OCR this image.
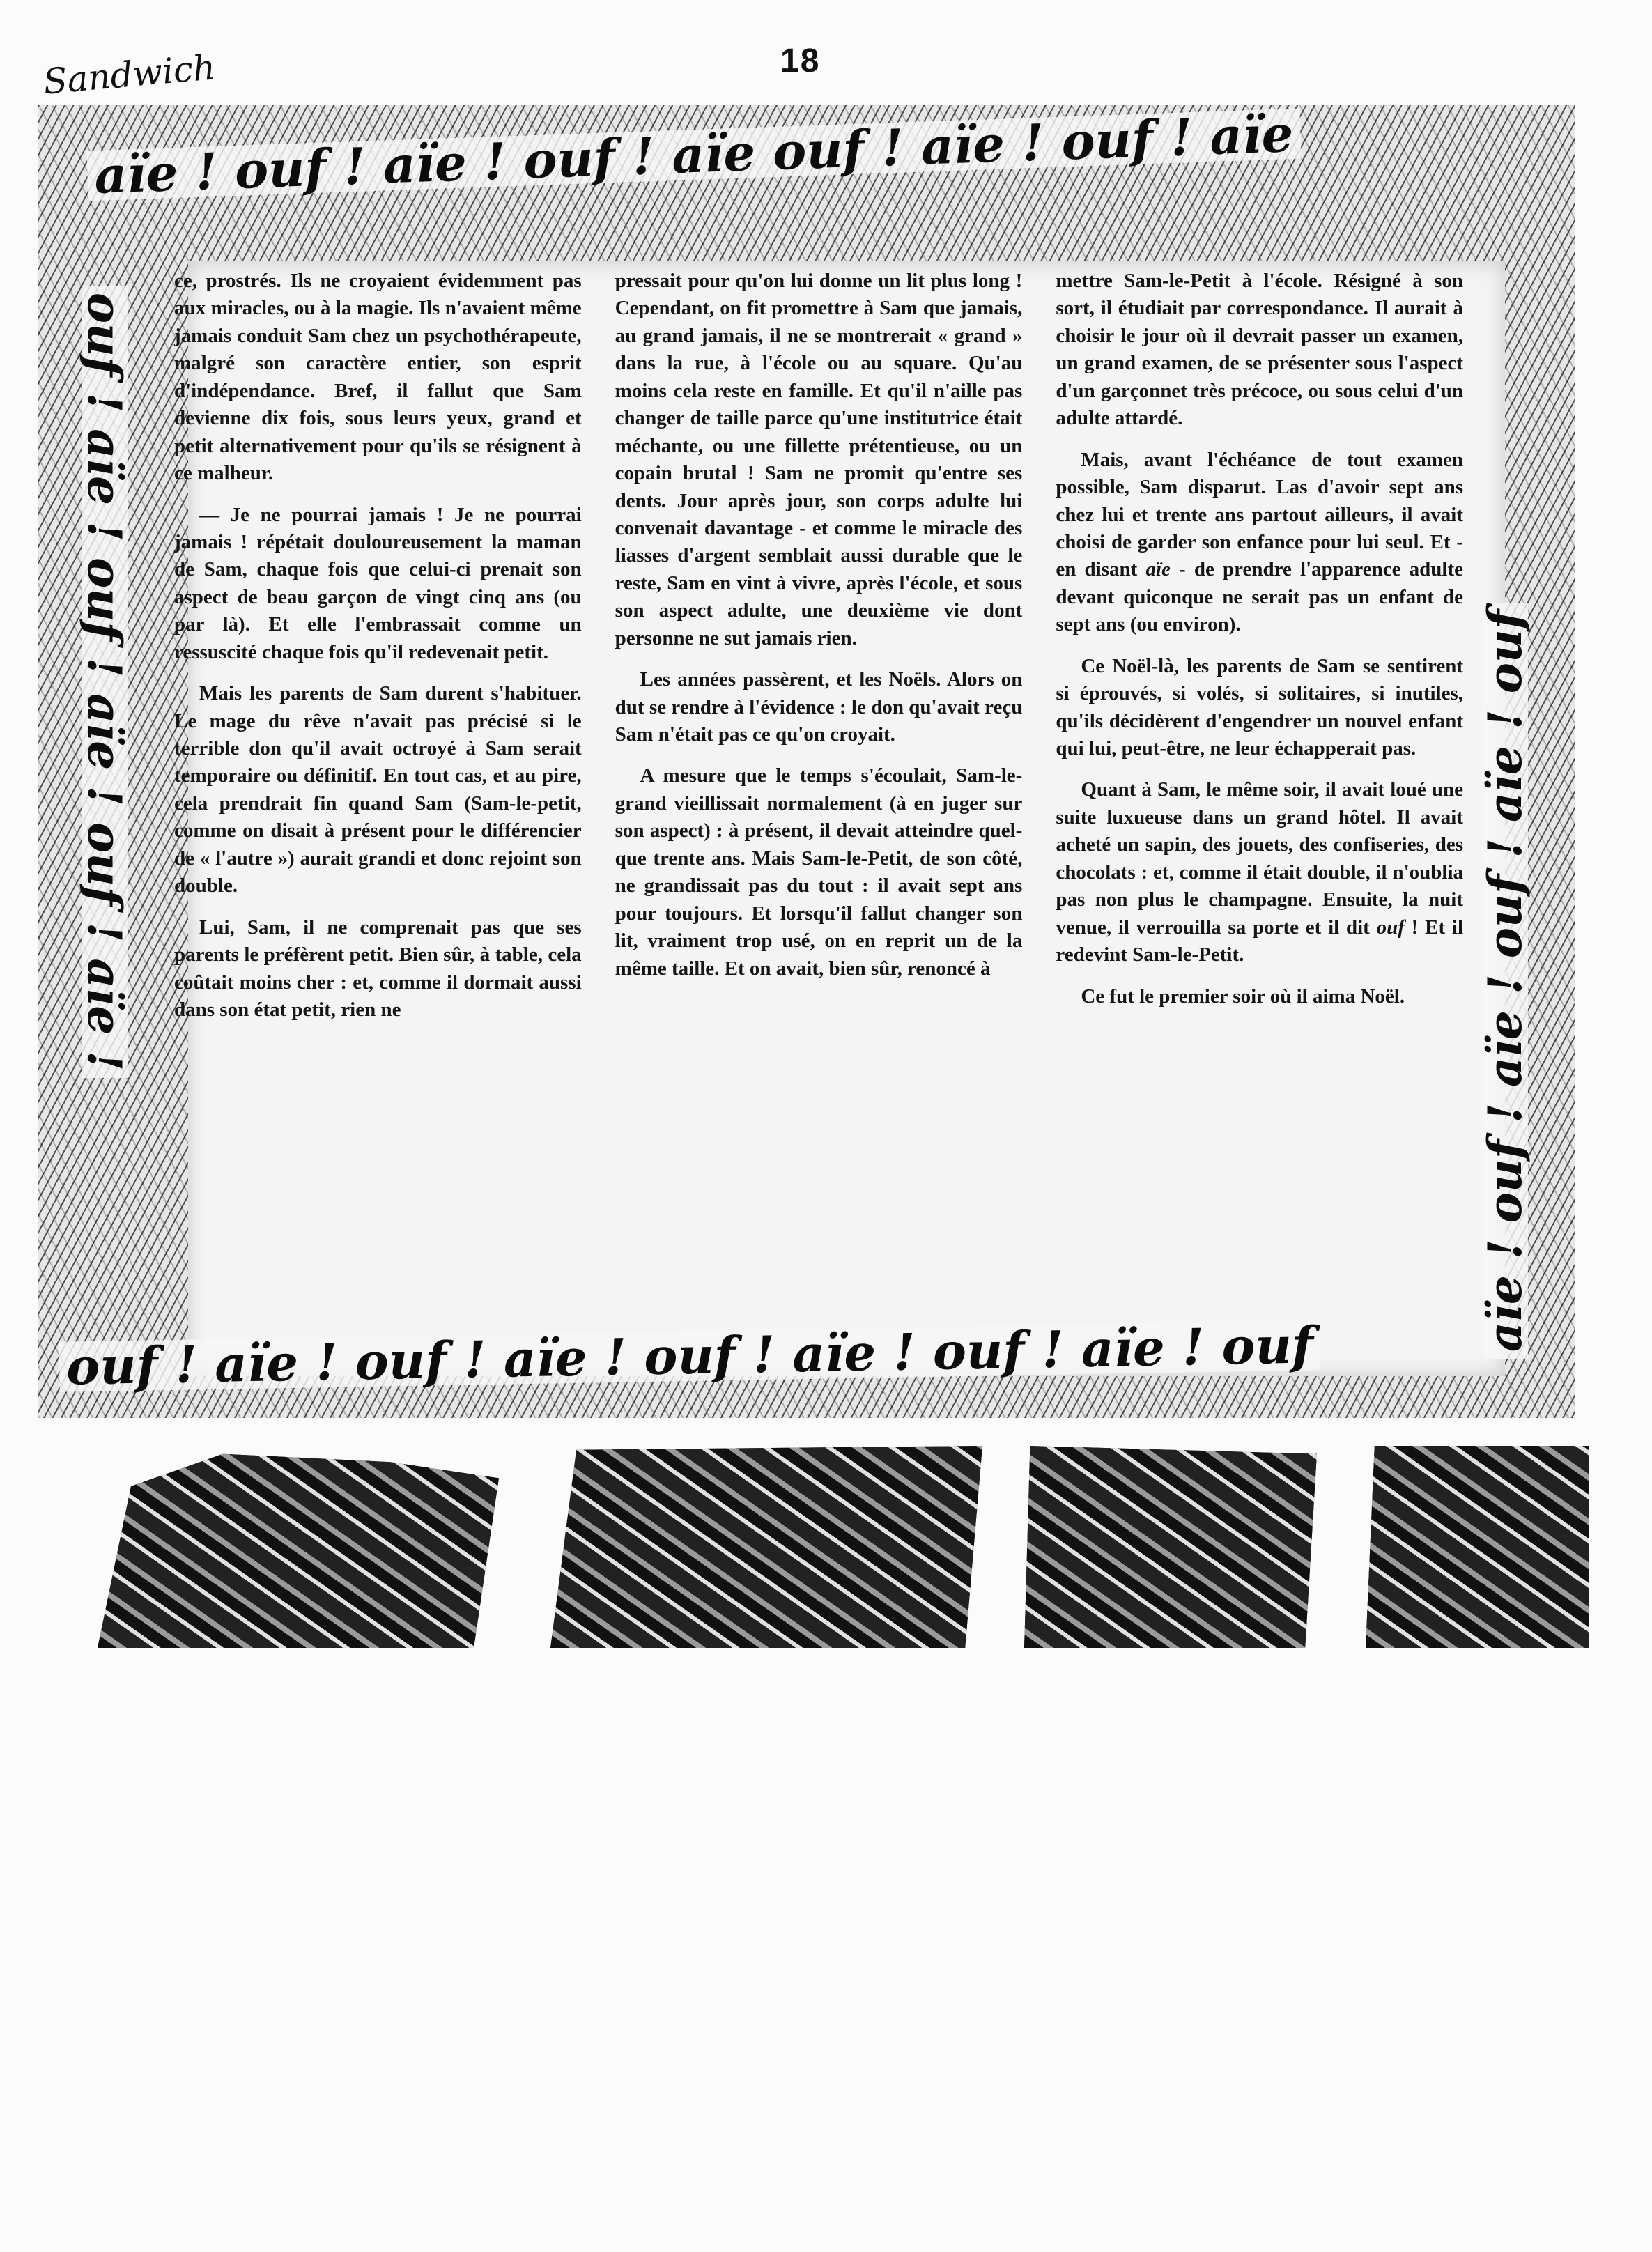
18
Sandwich
aïe ! ouf ! aïe ! ouf ! aïe ouf ! aïe ! ouf ! aïe
ouf ! aïe ! ouf ! aïe ! ouf ! aïe ! ouf ! aïe ! ouf
ouf ! aïe ! ouf ! aïe ! ouf ! aïe !	aïe ! ouf ! aïe ! ouf ! aïe ! ouf

ce, prostrés. Ils ne croyaient évidemment pas aux miracles, ou à la magie. Ils n'avaient même jamais conduit Sam chez un psychothérapeute, malgré son caractère entier, son esprit d'indépendance. Bref, il fallut que Sam devienne dix fois, sous leurs yeux, grand et petit alternativement pour qu'ils se résignent à ce malheur.

— Je ne pourrai jamais ! Je ne pourrai jamais ! répétait douloureusement la maman de Sam, chaque fois que celui-ci prenait son aspect de beau garçon de vingt cinq ans (ou par là). Et elle l'embrassait comme un ressuscité chaque fois qu'il redevenait petit.

Mais les parents de Sam durent s'habituer. Le mage du rêve n'avait pas précisé si le terrible don qu'il avait octroyé à Sam serait temporaire ou définitif. En tout cas, et au pire, cela prendrait fin quand Sam (Sam-le-petit, comme on disait à présent pour le différencier de « l'autre ») aurait grandi et donc rejoint son double.

Lui, Sam, il ne comprenait pas que ses parents le préfèrent petit. Bien sûr, à table, cela coûtait moins cher : et, comme il dormait aussi dans son état petit, rien ne

pressait pour qu'on lui donne un lit plus long ! Cependant, on fit promettre à Sam que jamais, au grand jamais, il ne se montrerait « grand » dans la rue, à l'école ou au square. Qu'au moins cela reste en famille. Et qu'il n'aille pas changer de taille parce qu'une institutrice était méchante, ou une fillette prétentieuse, ou un copain brutal ! Sam ne promit qu'entre ses dents. Jour après jour, son corps adulte lui convenait davantage - et comme le miracle des liasses d'argent semblait aussi durable que le reste, Sam en vint à vivre, après l'école, et sous son aspect adulte, une deuxième vie dont personne ne sut jamais rien.

Les années passèrent, et les Noëls. Alors on dut se rendre à l'évidence : le don qu'avait reçu Sam n'était pas ce qu'on croyait.

A mesure que le temps s'écoulait, Sam-le-grand vieillissait normalement (à en juger sur son aspect) : à présent, il devait atteindre quel-que trente ans. Mais Sam-le-Petit, de son côté, ne grandissait pas du tout : il avait sept ans pour toujours. Et lorsqu'il fallut changer son lit, vraiment trop usé, on en reprit un de la même taille. Et on avait, bien sûr, renoncé à

mettre Sam-le-Petit à l'école. Résigné à son sort, il étudiait par correspondance. Il aurait à choisir le jour où il devrait passer un examen, un grand examen, de se présenter sous l'aspect d'un garçonnet très précoce, ou sous celui d'un adulte attardé.

Mais, avant l'échéance de tout examen possible, Sam disparut. Las d'avoir sept ans chez lui et trente ans partout ailleurs, il avait choisi de garder son enfance pour lui seul. Et - en disant aïe - de prendre l'apparence adulte devant quiconque ne serait pas un enfant de sept ans (ou environ).

Ce Noël-là, les parents de Sam se sentirent si éprouvés, si volés, si solitaires, si inutiles, qu'ils décidèrent d'engendrer un nouvel enfant qui lui, peut-être, ne leur échapperait pas.

Quant à Sam, le même soir, il avait loué une suite luxueuse dans un grand hôtel. Il avait acheté un sapin, des jouets, des confiseries, des chocolats : et, comme il était double, il n'oublia pas non plus le champagne. Ensuite, la nuit venue, il verrouilla sa porte et il dit ouf ! Et il redevint Sam-le-Petit.

Ce fut le premier soir où il aima Noël.
